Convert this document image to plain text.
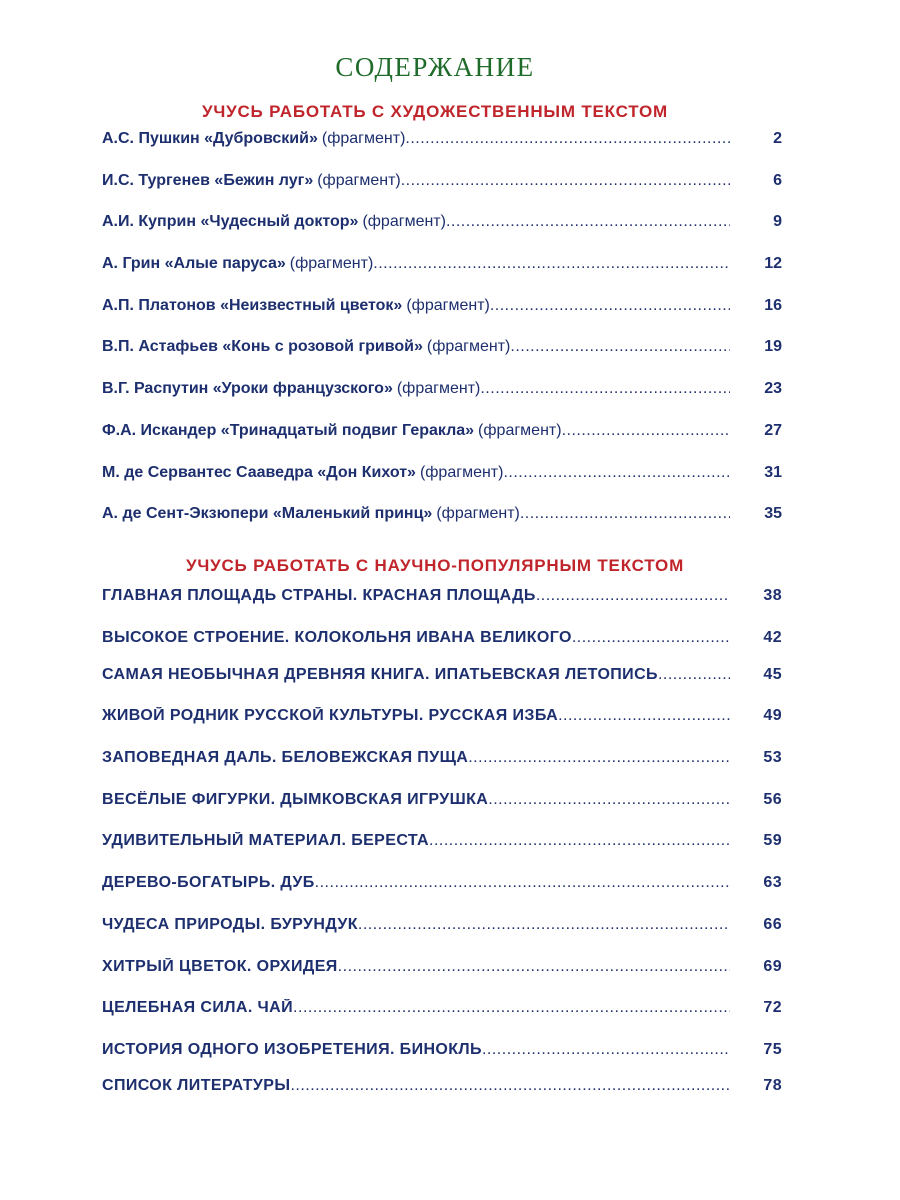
СОДЕРЖАНИЕ
УЧУСЬ РАБОТАТЬ С ХУДОЖЕСТВЕННЫМ ТЕКСТОМ
А.С. Пушкин «Дубровский» (фрагмент) .....	2
И.С. Тургенев «Бежин луг» (фрагмент) .....	6
А.И. Куприн «Чудесный доктор» (фрагмент) .....	9
А. Грин «Алые паруса» (фрагмент) .....	12
А.П. Платонов «Неизвестный цветок» (фрагмент) .....	16
В.П. Астафьев «Конь с розовой гривой» (фрагмент) .....	19
В.Г. Распутин «Уроки французского» (фрагмент) .....	23
Ф.А. Искандер «Тринадцатый подвиг Геракла» (фрагмент) .....	27
М. де Сервантес Сааведра «Дон Кихот» (фрагмент) .....	31
А. де Сент-Экзюпери «Маленький принц» (фрагмент) .....	35
УЧУСЬ РАБОТАТЬ С НАУЧНО-ПОПУЛЯРНЫМ ТЕКСТОМ
ГЛАВНАЯ ПЛОЩАДЬ СТРАНЫ. КРАСНАЯ ПЛОЩАДЬ .....	38
ВЫСОКОЕ СТРОЕНИЕ. КОЛОКОЛЬНЯ ИВАНА ВЕЛИКОГО .....	42
САМАЯ НЕОБЫЧНАЯ ДРЕВНЯЯ КНИГА. ИПАТЬЕВСКАЯ ЛЕТОПИСЬ .....	45
ЖИВОЙ РОДНИК РУССКОЙ КУЛЬТУРЫ. РУССКАЯ ИЗБА .....	49
ЗАПОВЕДНАЯ ДАЛЬ. БЕЛОВЕЖСКАЯ ПУЩА .....	53
ВЕСЁЛЫЕ ФИГУРКИ. ДЫМКОВСКАЯ ИГРУШКА .....	56
УДИВИТЕЛЬНЫЙ МАТЕРИАЛ. БЕРЕСТА .....	59
ДЕРЕВО-БОГАТЫРЬ. ДУБ .....	63
ЧУДЕСА ПРИРОДЫ. БУРУНДУК .....	66
ХИТРЫЙ ЦВЕТОК. ОРХИДЕЯ .....	69
ЦЕЛЕБНАЯ СИЛА. ЧАЙ .....	72
ИСТОРИЯ ОДНОГО ИЗОБРЕТЕНИЯ. БИНОКЛЬ .....	75
СПИСОК ЛИТЕРАТУРЫ .....	78
